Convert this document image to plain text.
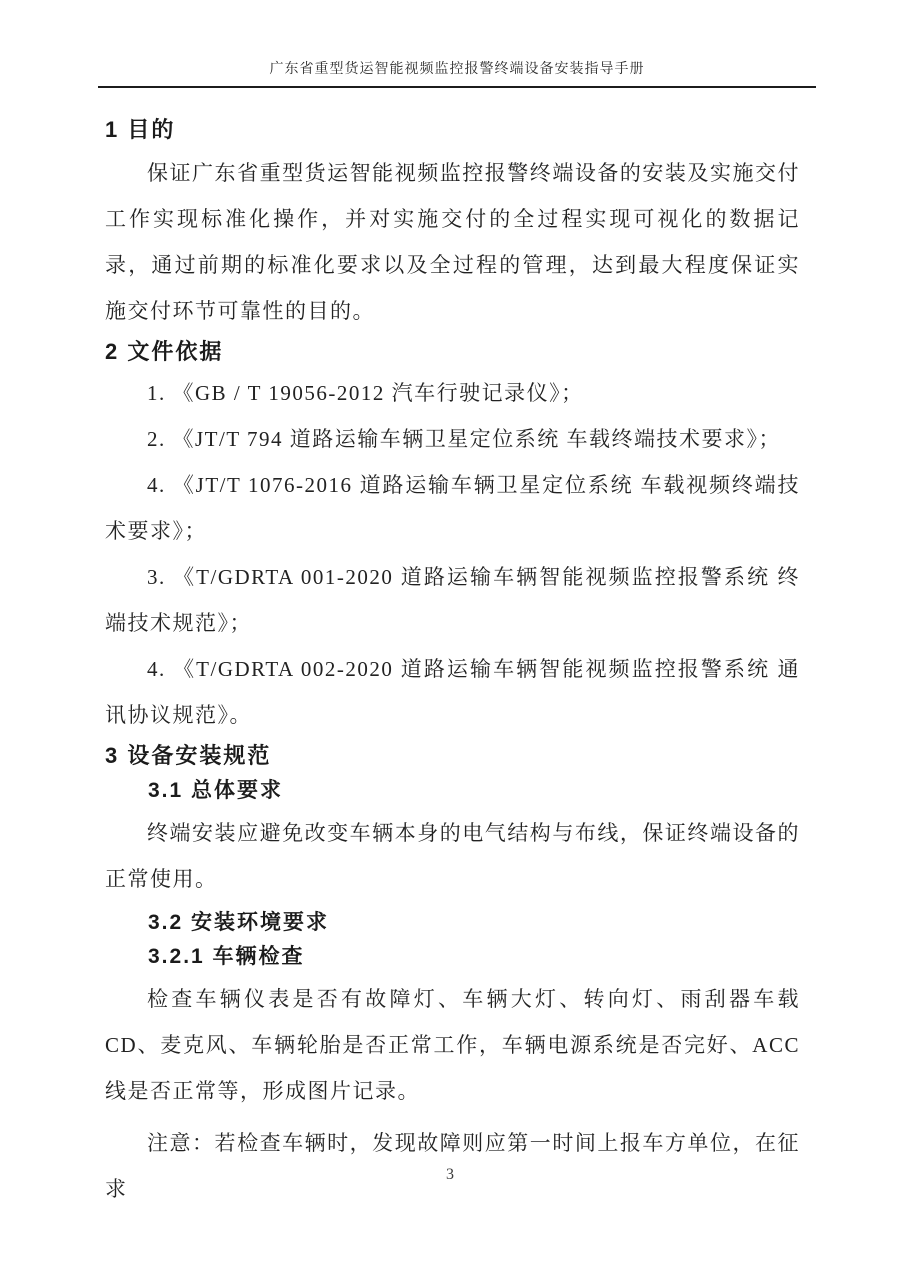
广东省重型货运智能视频监控报警终端设备安装指导手册
1 目的

保证广东省重型货运智能视频监控报警终端设备的安装及实施交付工作实现标准化操作，并对实施交付的全过程实现可视化的数据记录，通过前期的标准化要求以及全过程的管理，达到最大程度保证实施交付环节可靠性的目的。

2 文件依据

1. 《GB / T 19056-2012 汽车行驶记录仪》；

2. 《JT/T 794 道路运输车辆卫星定位系统 车载终端技术要求》；

4. 《JT/T 1076-2016 道路运输车辆卫星定位系统 车载视频终端技术要求》；

3. 《T/GDRTA 001-2020 道路运输车辆智能视频监控报警系统 终端技术规范》；

4. 《T/GDRTA 002-2020 道路运输车辆智能视频监控报警系统 通讯协议规范》。

3 设备安装规范
3.1 总体要求

终端安装应避免改变车辆本身的电气结构与布线，保证终端设备的正常使用。

3.2 安装环境要求
3.2.1 车辆检查

检查车辆仪表是否有故障灯、车辆大灯、转向灯、雨刮器车载 CD、麦克风、车辆轮胎是否正常工作，车辆电源系统是否完好、ACC 线是否正常等，形成图片记录。

注意：若检查车辆时，发现故障则应第一时间上报车方单位，在征求

3
